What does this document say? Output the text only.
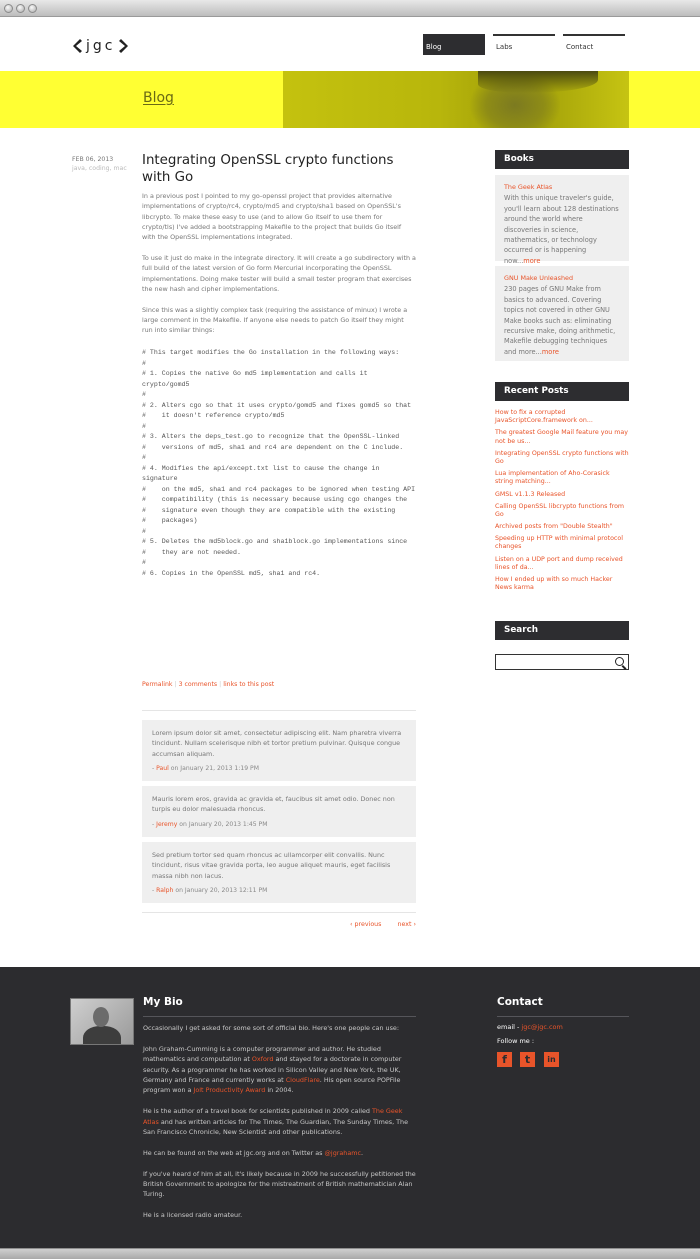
jgc	Blog	Labs	Contact
Blog
FEB 06, 2013
java, coding, mac
Integrating OpenSSL crypto functions with Go

In a previous post I pointed to my go-openssl project that provides alternative implementations of crypto/rc4, crypto/md5 and crypto/sha1 based on OpenSSL's libcrypto. To make these easy to use (and to allow Go itself to use them for crypto/tls) I've added a bootstrapping Makefile to the project that builds Go itself with the OpenSSL implementations integrated.

To use it just do make in the integrate directory. It will create a go subdirectory with a full build of the latest version of Go form Mercurial incorporating the OpenSSL implementations. Doing make tester will build a small tester program that exercises the new hash and cipher implementations.

Since this was a slightly complex task (requiring the assistance of minux) I wrote a large comment in the Makefile. If anyone else needs to patch Go itself they might run into similar things:

# This target modifies the Go installation in the following ways:
#
# 1. Copies the native Go md5 implementation and calls it crypto/gomd5
#
# 2. Alters cgo so that it uses crypto/gomd5 and fixes gomd5 so that
#    it doesn't reference crypto/md5
#
# 3. Alters the deps_test.go to recognize that the OpenSSL-linked
#    versions of md5, sha1 and rc4 are dependent on the C include.
#
# 4. Modifies the api/except.txt list to cause the change in signature
#    on the md5, sha1 and rc4 packages to be ignored when testing API
#    compatibility (this is necessary because using cgo changes the
#    signature even though they are compatible with the existing
#    packages)
#
# 5. Deletes the md5block.go and sha1block.go implementations since
#    they are not needed.
#
# 6. Copies in the OpenSSL md5, sha1 and rc4.
Permalink | 3 comments | links to this post
Lorem ipsum dolor sit amet, consectetur adipiscing elit. Nam pharetra viverra tincidunt. Nullam scelerisque nibh et tortor pretium pulvinar. Quisque congue accumsan aliquam.
- Paul on January 21, 2013 1:19 PM
Mauris lorem eros, gravida ac gravida et, faucibus sit amet odio. Donec non turpis eu dolor malesuada rhoncus.
- Jeremy on January 20, 2013 1:45 PM
Sed pretium tortor sed quam rhoncus ac ullamcorper elit convallis. Nunc tincidunt, risus vitae gravida porta, leo augue aliquet mauris, eget facilisis massa nibh non lacus.
- Ralph on January 20, 2013 12:11 PM
‹ previous	next ›
Books
The Geek Atlas
With this unique traveler's guide, you'll learn about 128 destinations around the world where discoveries in science, mathematics, or technology occurred or is happening now...more
GNU Make Unleashed
230 pages of GNU Make from basics to advanced. Covering topics not covered in other GNU Make books such as: eliminating recursive make, doing arithmetic, Makefile debugging techniques and more...more
Recent Posts
How to fix a corrupted JavaScriptCore.framework on...
The greatest Google Mail feature you may not be us...
Integrating OpenSSL crypto functions with Go
Lua implementation of Aho-Corasick string matching...
GMSL v1.1.3 Released
Calling OpenSSL libcrypto functions from Go
Archived posts from "Double Stealth"
Speeding up HTTP with minimal protocol changes
Listen on a UDP port and dump received lines of da...
How I ended up with so much Hacker News karma
Search
My Bio

Occasionally I get asked for some sort of official bio. Here's one people can use:

John Graham-Cumming is a computer programmer and author. He studied mathematics and computation at Oxford and stayed for a doctorate in computer security. As a programmer he has worked in Silicon Valley and New York, the UK, Germany and France and currently works at CloudFlare. His open source POPFile program won a Jolt Productivity Award in 2004.

He is the author of a travel book for scientists published in 2009 called The Geek Atlas and has written articles for The Times, The Guardian, The Sunday Times, The San Francisco Chronicle, New Scientist and other publications.

He can be found on the web at jgc.org and on Twitter as @jgrahamc.

If you've heard of him at all, it's likely because in 2009 he successfully petitioned the British Government to apologize for the mistreatment of British mathematician Alan Turing.

He is a licensed radio amateur.

Contact
email - jgc@jgc.com
Follow me :
f	t	in
